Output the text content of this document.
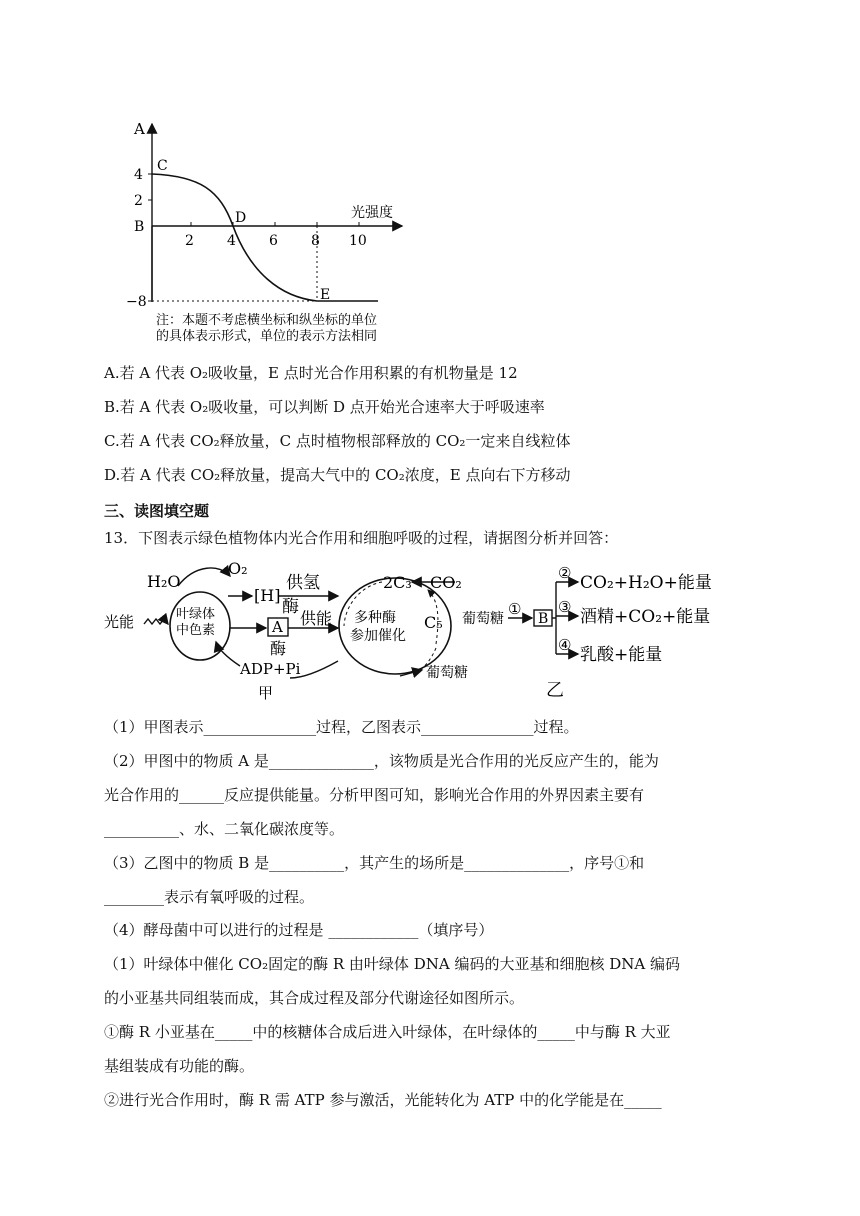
A
4
2
B
−8
2 4 6 8 10
光强度
C
D
E
注：本题不考虑横坐标和纵坐标的单位
的具体表示形式，单位的表示方法相同
A.若 A 代表 O₂吸收量，E 点时光合作用积累的有机物量是 12
B.若 A 代表 O₂吸收量，可以判断 D 点开始光合速率大于呼吸速率
C.若 A 代表 CO₂释放量，C 点时植物根部释放的 CO₂一定来自线粒体
D.若 A 代表 CO₂释放量，提高大气中的 CO₂浓度，E 点向右下方移动
三、读图填空题
13．下图表示绿色植物体内光合作用和细胞呼吸的过程，请据图分析并回答：
H₂O
O₂
[H]
供氢
酶
叶绿体
中色素
光能	A
酶
供能
ADP+Pi
多种酶
参加催化
2C₃ CO₂
C₅
葡萄糖
甲
葡萄糖
①
B
② CO₂+H₂O+能量
③ 酒精+CO₂+能量
④ 乳酸+能量
乙
（1）甲图表示_______________过程，乙图表示_______________过程。
（2）甲图中的物质 A 是______________，该物质是光合作用的光反应产生的，能为
光合作用的______反应提供能量。分析甲图可知，影响光合作用的外界因素主要有
__________、水、二氧化碳浓度等。
（3）乙图中的物质 B 是__________，其产生的场所是______________，序号①和
________表示有氧呼吸的过程。
（4）酵母菌中可以进行的过程是 ____________（填序号）
（1）叶绿体中催化 CO₂固定的酶 R 由叶绿体 DNA 编码的大亚基和细胞核 DNA 编码
的小亚基共同组装而成，其合成过程及部分代谢途径如图所示。
①酶 R 小亚基在_____中的核糖体合成后进入叶绿体，在叶绿体的_____中与酶 R 大亚
基组装成有功能的酶。
②进行光合作用时，酶 R 需 ATP 参与激活，光能转化为 ATP 中的化学能是在_____
